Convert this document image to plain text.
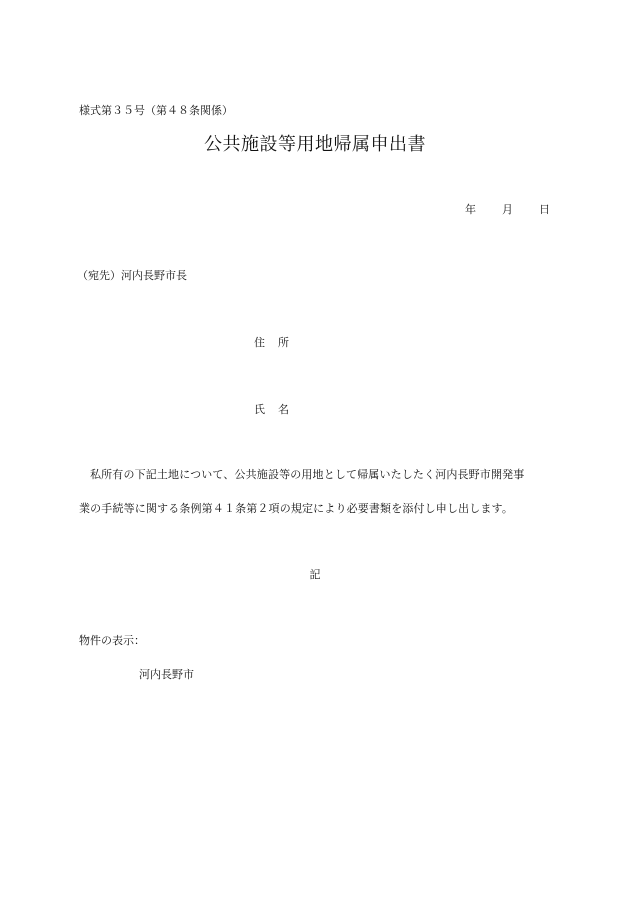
様式第３５号（第４８条関係）
公共施設等用地帰属申出書
年 月 日
（宛先）河内長野市長
住 所
氏 名
私所有の下記土地について、公共施設等の用地として帰属いたしたく河内長野市開発事
業の手続等に関する条例第４１条第２項の規定により必要書類を添付し申し出します。
記
物件の表示：
河内長野市
